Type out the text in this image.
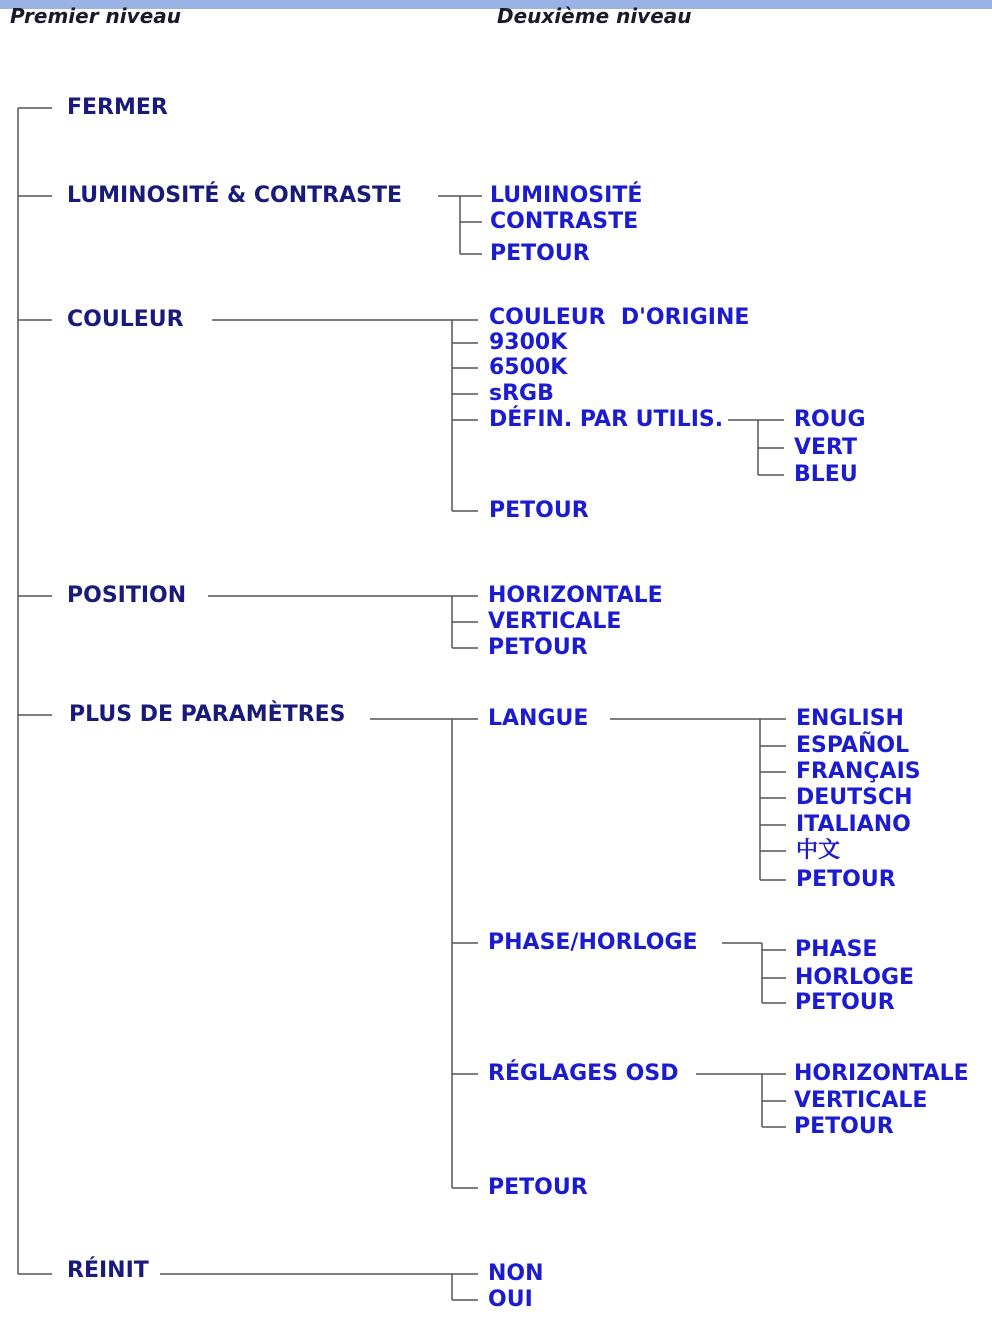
Premier niveau	Deuxième niveau
FERMER
LUMINOSITÉ & CONTRASTE
COULEUR
POSITION
PLUS DE PARAMÈTRES
RÉINIT
LUMINOSITÉ
CONTRASTE
PETOUR
COULEUR  D'ORIGINE
9300K
6500K
sRGB
DÉFIN. PAR UTILIS.
PETOUR
ROUG
VERT
BLEU
HORIZONTALE
VERTICALE
PETOUR
LANGUE
PHASE/HORLOGE
RÉGLAGES OSD
PETOUR
ENGLISH
ESPAÑOL
FRANÇAIS
DEUTSCH
ITALIANO
中文
PETOUR
PHASE
HORLOGE
PETOUR
HORIZONTALE
VERTICALE
PETOUR
NON
OUI
